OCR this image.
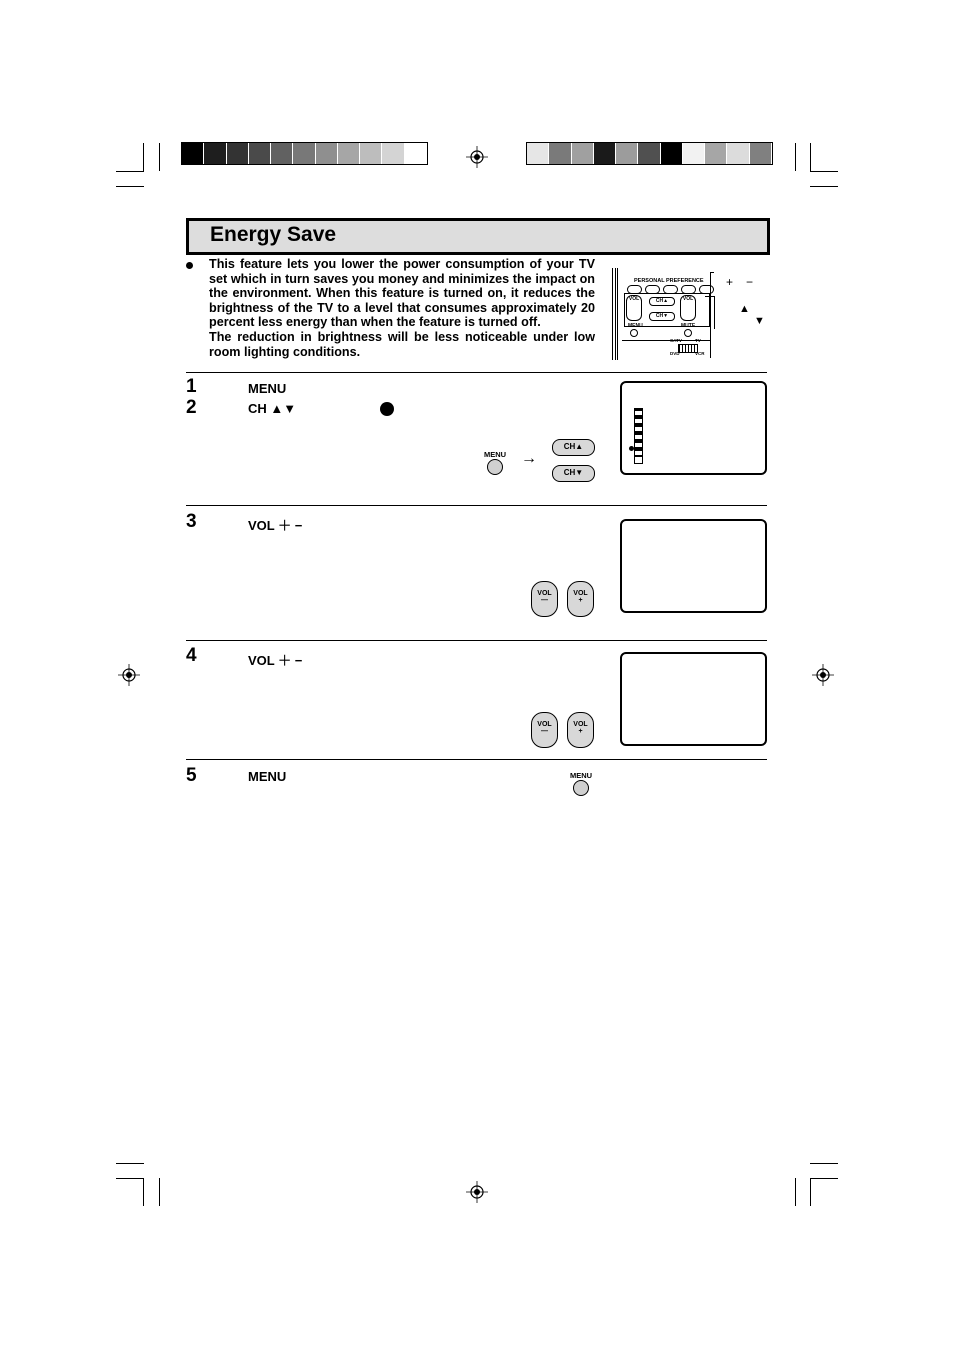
Energy Save

This feature lets you lower the power consumption of your TV set which in turn saves you money and minimizes the impact on the environment. When this feature is turned on, it reduces the brightness of the TV to a level that consumes approximately 20 percent less energy than when the feature is turned off.

The reduction in brightness will be less noticeable under low room lighting conditions.

PERSONAL PREFERENCE
VOL	VOL
CH▲
CH▼
MENU	MUTE
DVD	VCR
+ −
▲
▼
1	MENU
2	CH ▲▼
MENU →
CH▲
CH▼
3	VOL ＋ −
VOL
—
VOL
+
4	VOL ＋ −
VOL
—
VOL
+
5	MENU	MENU
